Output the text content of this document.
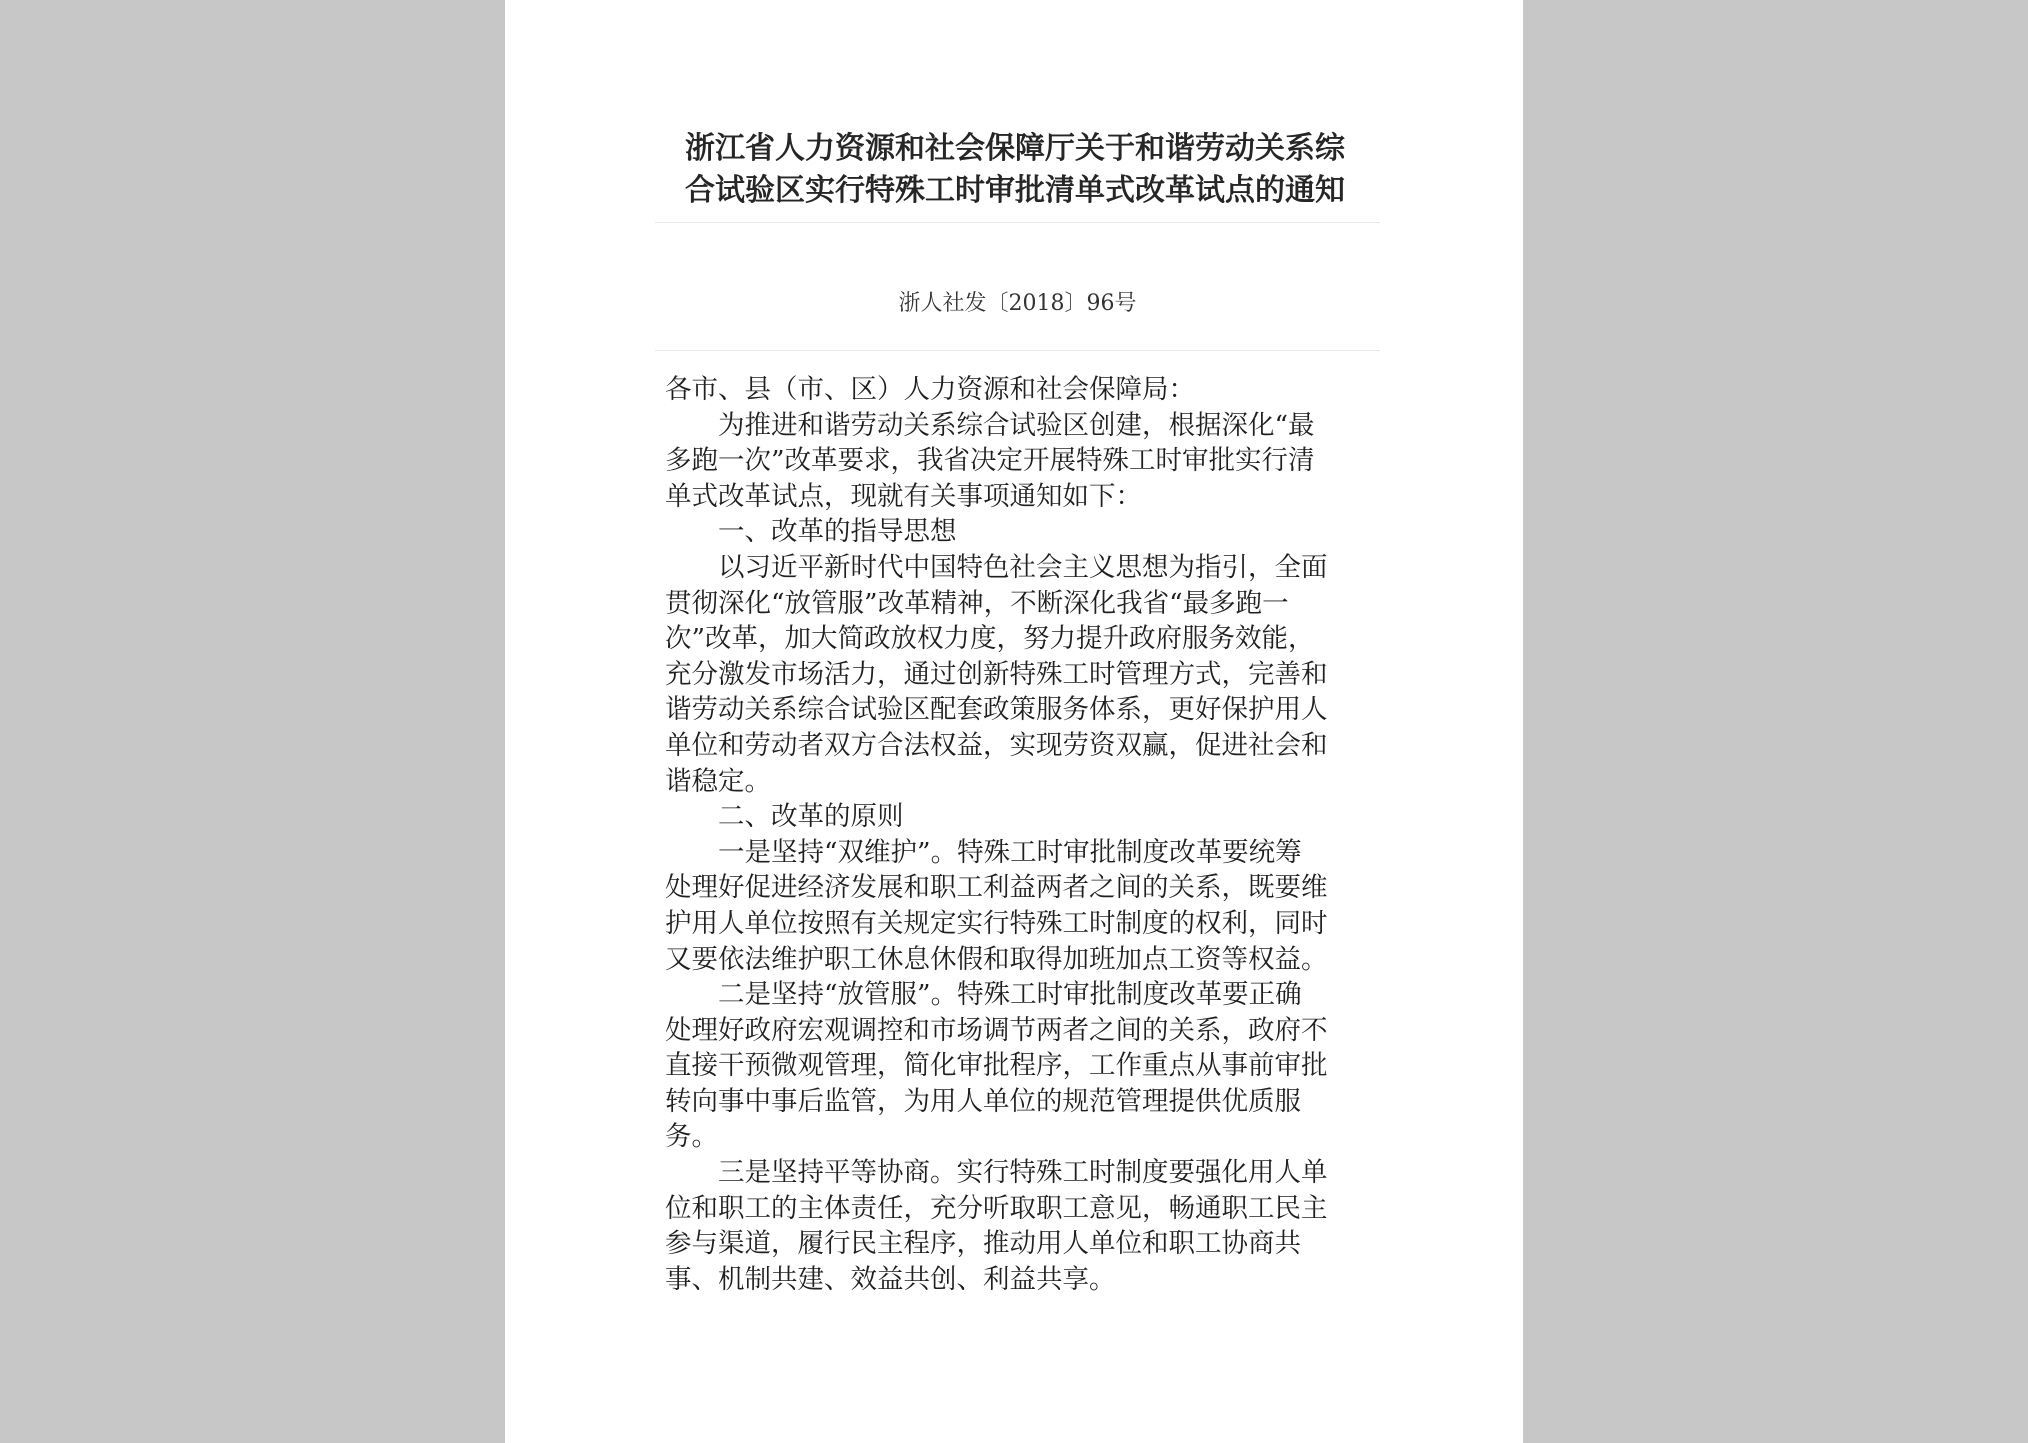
浙江省人力资源和社会保障厅关于和谐劳动关系综
合试验区实行特殊工时审批清单式改革试点的通知
浙人社发〔2018〕96号
各市、县（市、区）人力资源和社会保障局：
为推进和谐劳动关系综合试验区创建，根据深化“最
多跑一次”改革要求，我省决定开展特殊工时审批实行清
单式改革试点，现就有关事项通知如下：
一、改革的指导思想
以习近平新时代中国特色社会主义思想为指引，全面
贯彻深化“放管服”改革精神，不断深化我省“最多跑一
次”改革，加大简政放权力度，努力提升政府服务效能，
充分激发市场活力，通过创新特殊工时管理方式，完善和
谐劳动关系综合试验区配套政策服务体系，更好保护用人
单位和劳动者双方合法权益，实现劳资双赢，促进社会和
谐稳定。
二、改革的原则
一是坚持“双维护”。特殊工时审批制度改革要统筹
处理好促进经济发展和职工利益两者之间的关系，既要维
护用人单位按照有关规定实行特殊工时制度的权利，同时
又要依法维护职工休息休假和取得加班加点工资等权益。
二是坚持“放管服”。特殊工时审批制度改革要正确
处理好政府宏观调控和市场调节两者之间的关系，政府不
直接干预微观管理，简化审批程序，工作重点从事前审批
转向事中事后监管，为用人单位的规范管理提供优质服
务。
三是坚持平等协商。实行特殊工时制度要强化用人单
位和职工的主体责任，充分听取职工意见，畅通职工民主
参与渠道，履行民主程序，推动用人单位和职工协商共
事、机制共建、效益共创、利益共享。
